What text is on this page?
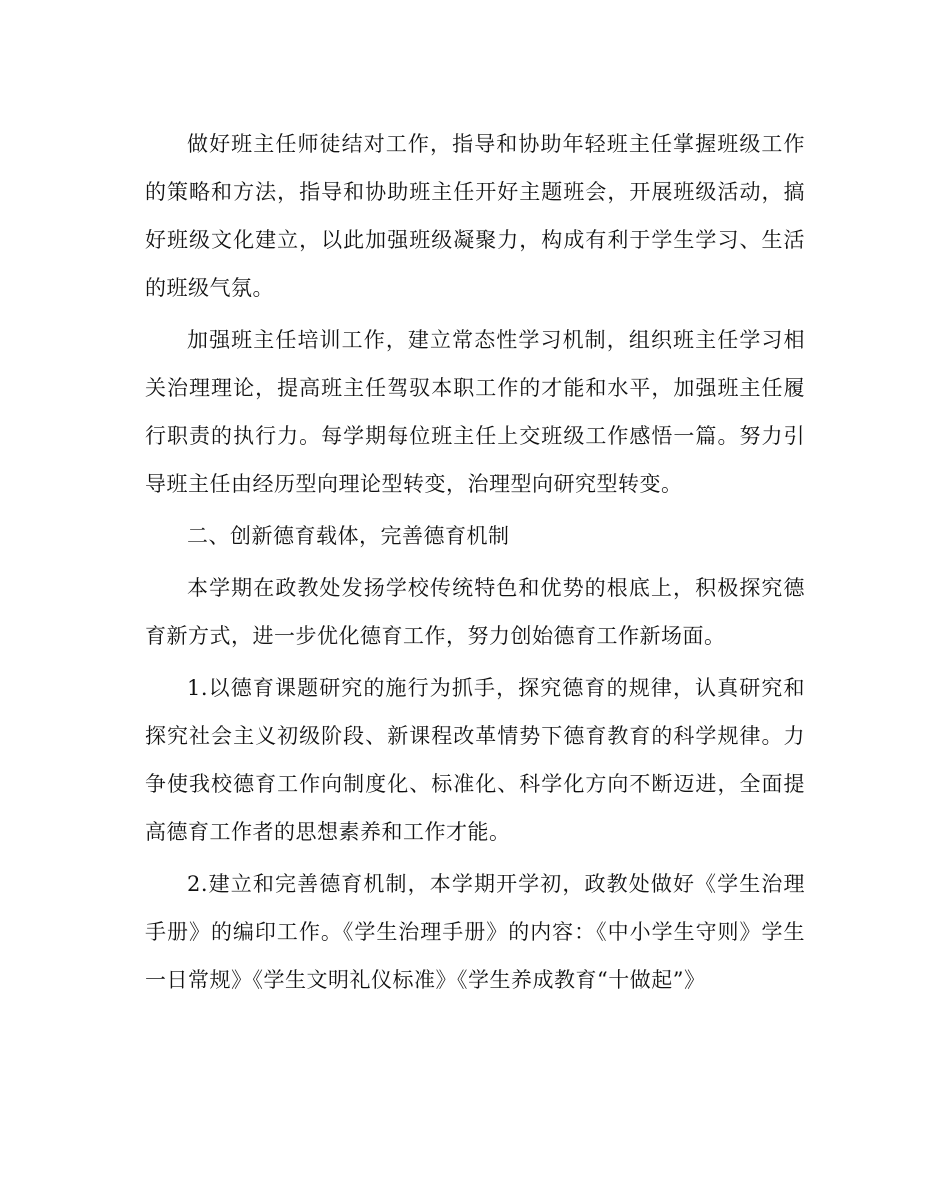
做好班主任师徒结对工作，指导和协助年轻班主任掌握班级工作的策略和方法，指导和协助班主任开好主题班会，开展班级活动，搞好班级文化建立，以此加强班级凝聚力，构成有利于学生学习、生活的班级气氛。

加强班主任培训工作，建立常态性学习机制，组织班主任学习相关治理理论，提高班主任驾驭本职工作的才能和水平，加强班主任履行职责的执行力。每学期每位班主任上交班级工作感悟一篇。努力引导班主任由经历型向理论型转变，治理型向研究型转变。

二、创新德育载体，完善德育机制

本学期在政教处发扬学校传统特色和优势的根底上，积极探究德育新方式，进一步优化德育工作，努力创始德育工作新场面。

1.以德育课题研究的施行为抓手，探究德育的规律，认真研究和探究社会主义初级阶段、新课程改革情势下德育教育的科学规律。力争使我校德育工作向制度化、标准化、科学化方向不断迈进，全面提高德育工作者的思想素养和工作才能。

2.建立和完善德育机制，本学期开学初，政教处做好《学生治理手册》的编印工作。《学生治理手册》的内容：《中小学生守则》学生一日常规》《学生文明礼仪标准》《学生养成教育“十做起”》
